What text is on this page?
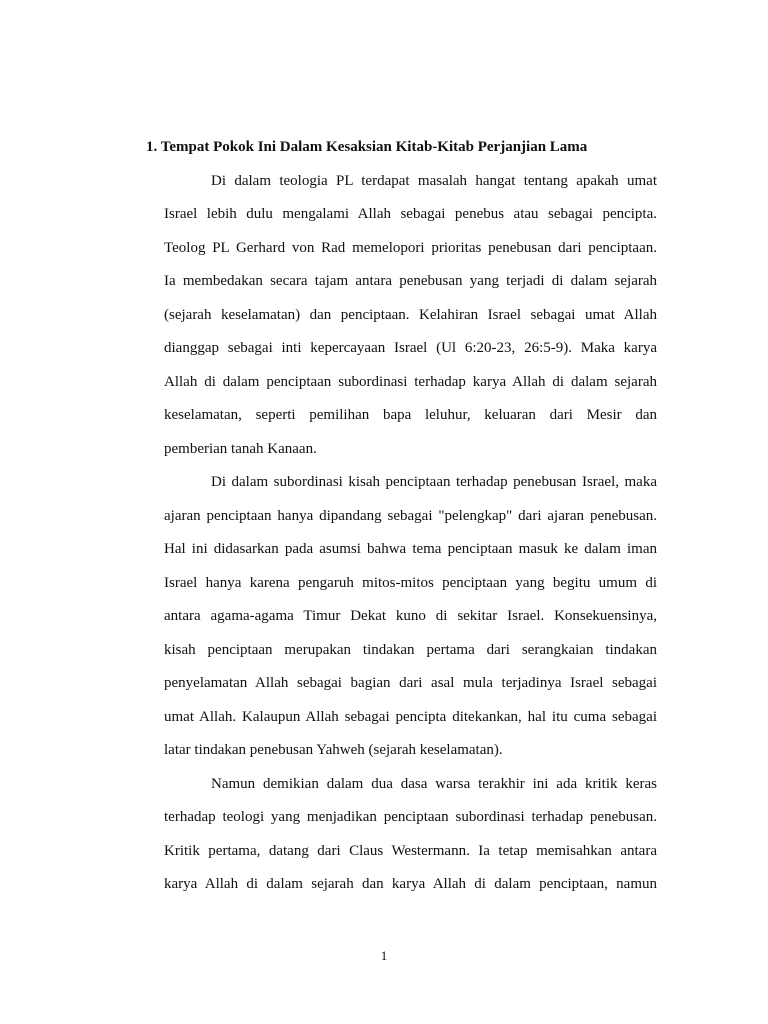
1. Tempat Pokok Ini Dalam Kesaksian Kitab-Kitab Perjanjian Lama
Di dalam teologia PL terdapat masalah hangat tentang apakah umat
Israel lebih dulu mengalami Allah sebagai penebus atau sebagai pencipta.
Teolog PL Gerhard von Rad memelopori prioritas penebusan dari penciptaan.
Ia membedakan secara tajam antara penebusan yang terjadi di dalam sejarah
(sejarah keselamatan) dan penciptaan. Kelahiran Israel sebagai umat Allah
dianggap sebagai inti kepercayaan Israel (Ul 6:20-23, 26:5-9). Maka karya
Allah di dalam penciptaan subordinasi terhadap karya Allah di dalam sejarah
keselamatan, seperti pemilihan bapa leluhur, keluaran dari Mesir dan
pemberian tanah Kanaan.
Di dalam subordinasi kisah penciptaan terhadap penebusan Israel, maka
ajaran penciptaan hanya dipandang sebagai "pelengkap" dari ajaran penebusan.
Hal ini didasarkan pada asumsi bahwa tema penciptaan masuk ke dalam iman
Israel hanya karena pengaruh mitos-mitos penciptaan yang begitu umum di
antara agama-agama Timur Dekat kuno di sekitar Israel. Konsekuensinya,
kisah penciptaan merupakan tindakan pertama dari serangkaian tindakan
penyelamatan Allah sebagai bagian dari asal mula terjadinya Israel sebagai
umat Allah. Kalaupun Allah sebagai pencipta ditekankan, hal itu cuma sebagai
latar tindakan penebusan Yahweh (sejarah keselamatan).
Namun demikian dalam dua dasa warsa terakhir ini ada kritik keras
terhadap teologi yang menjadikan penciptaan subordinasi terhadap penebusan.
Kritik pertama, datang dari Claus Westermann. Ia tetap memisahkan antara
karya Allah di dalam sejarah dan karya Allah di dalam penciptaan, namun
1
